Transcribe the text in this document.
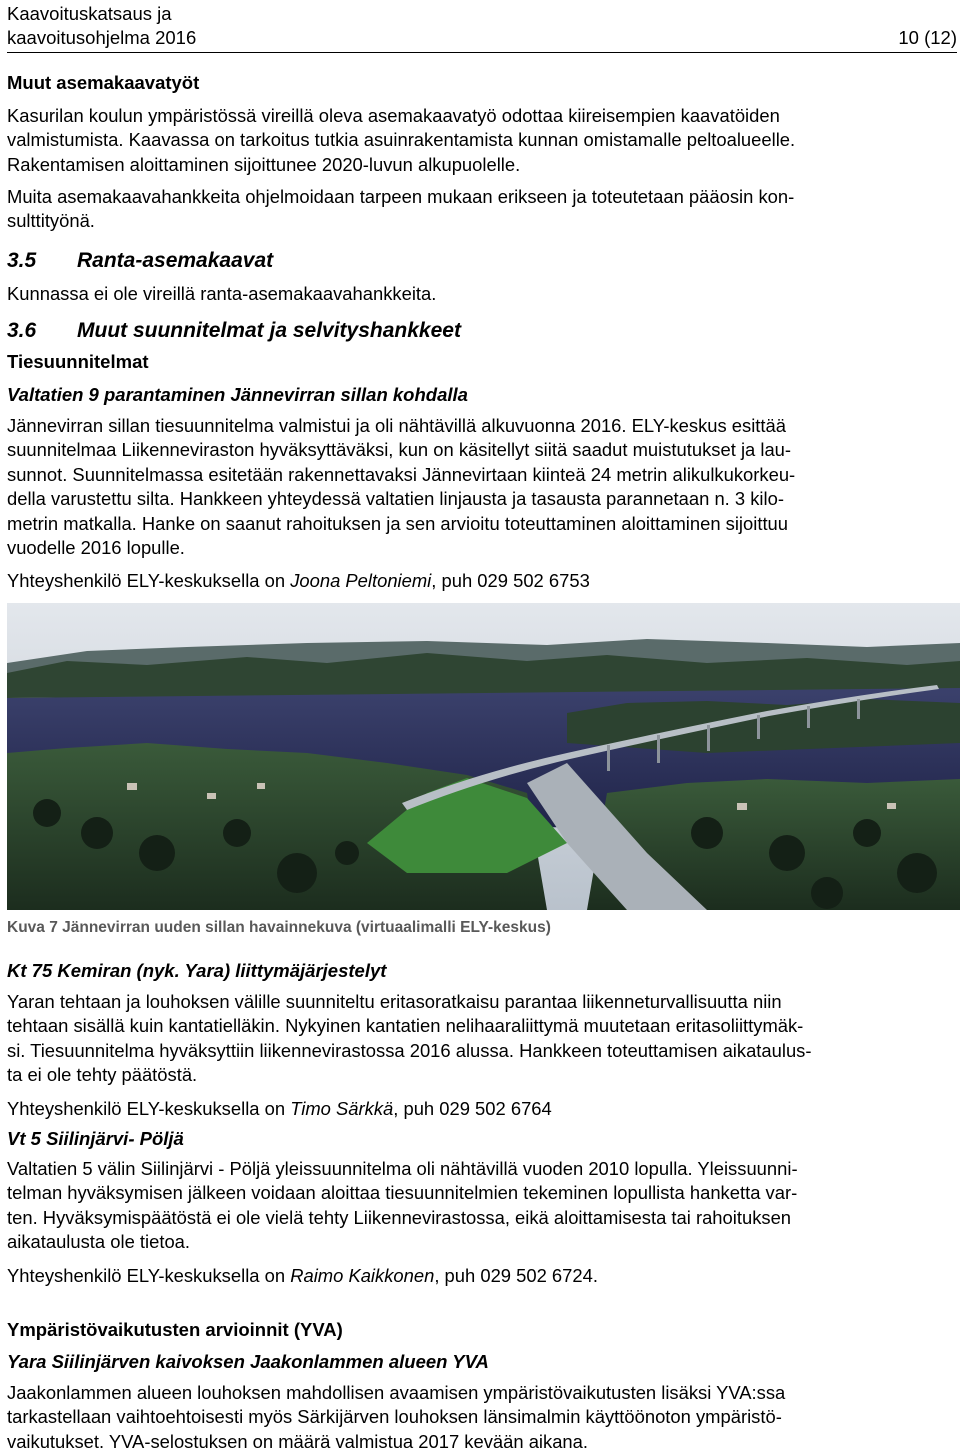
Kaavoituskatsaus ja
kaavoitusohjelma 2016	10 (12)

Muut asemakaavatyöt

Kasurilan koulun ympäristössä vireillä oleva asemakaavatyö odottaa kiireisempien kaavatöiden

valmistumista. Kaavassa on tarkoitus tutkia asuinrakentamista kunnan omistamalle peltoalueelle.

Rakentamisen aloittaminen sijoittunee 2020-luvun alkupuolelle.

Muita asemakaavahankkeita ohjelmoidaan tarpeen mukaan erikseen ja toteutetaan pääosin kon-

sulttityönä.

3.5 Ranta-asemakaavat

Kunnassa ei ole vireillä ranta-asemakaavahankkeita.

3.6 Muut suunnitelmat ja selvityshankkeet

Tiesuunnitelmat

Valtatien 9 parantaminen Jännevirran sillan kohdalla

Jännevirran sillan tiesuunnitelma valmistui ja oli nähtävillä alkuvuonna 2016. ELY-keskus esittää

suunnitelmaa Liikenneviraston hyväksyttäväksi, kun on käsitellyt siitä saadut muistutukset ja lau-

sunnot. Suunnitelmassa esitetään rakennettavaksi Jännevirtaan kiinteä 24 metrin alikulkukorkeu-

della varustettu silta. Hankkeen yhteydessä valtatien linjausta ja tasausta parannetaan n. 3 kilo-

metrin matkalla. Hanke on saanut rahoituksen ja sen arvioitu toteuttaminen aloittaminen sijoittuu

vuodelle 2016 lopulle.

Yhteyshenkilö ELY-keskuksella on Joona Peltoniemi, puh 029 502 6753

Kuva 7 Jännevirran uuden sillan havainnekuva (virtuaalimalli ELY-keskus)

Kt 75 Kemiran (nyk. Yara) liittymäjärjestelyt

Yaran tehtaan ja louhoksen välille suunniteltu eritasoratkaisu parantaa liikenneturvallisuutta niin

tehtaan sisällä kuin kantatielläkin. Nykyinen kantatien nelihaaraliittymä muutetaan eritasoliittymäk-

si. Tiesuunnitelma hyväksyttiin liikennevirastossa 2016 alussa. Hankkeen toteuttamisen aikataulus-

ta ei ole tehty päätöstä.

Yhteyshenkilö ELY-keskuksella on Timo Särkkä, puh 029 502 6764

Vt 5 Siilinjärvi- Pöljä

Valtatien 5 välin Siilinjärvi - Pöljä yleissuunnitelma oli nähtävillä vuoden 2010 lopulla. Yleissuunni-

telman hyväksymisen jälkeen voidaan aloittaa tiesuunnitelmien tekeminen lopullista hanketta var-

ten. Hyväksymispäätöstä ei ole vielä tehty Liikennevirastossa, eikä aloittamisesta tai rahoituksen

aikataulusta ole tietoa.

Yhteyshenkilö ELY-keskuksella on Raimo Kaikkonen, puh 029 502 6724.

Ympäristövaikutusten arvioinnit (YVA)

Yara Siilinjärven kaivoksen Jaakonlammen alueen YVA

Jaakonlammen alueen louhoksen mahdollisen avaamisen ympäristövaikutusten lisäksi YVA:ssa

tarkastellaan vaihtoehtoisesti myös Särkijärven louhoksen länsimalmin käyttöönoton ympäristö-

vaikutukset. YVA-selostuksen on määrä valmistua 2017 kevään aikana.
